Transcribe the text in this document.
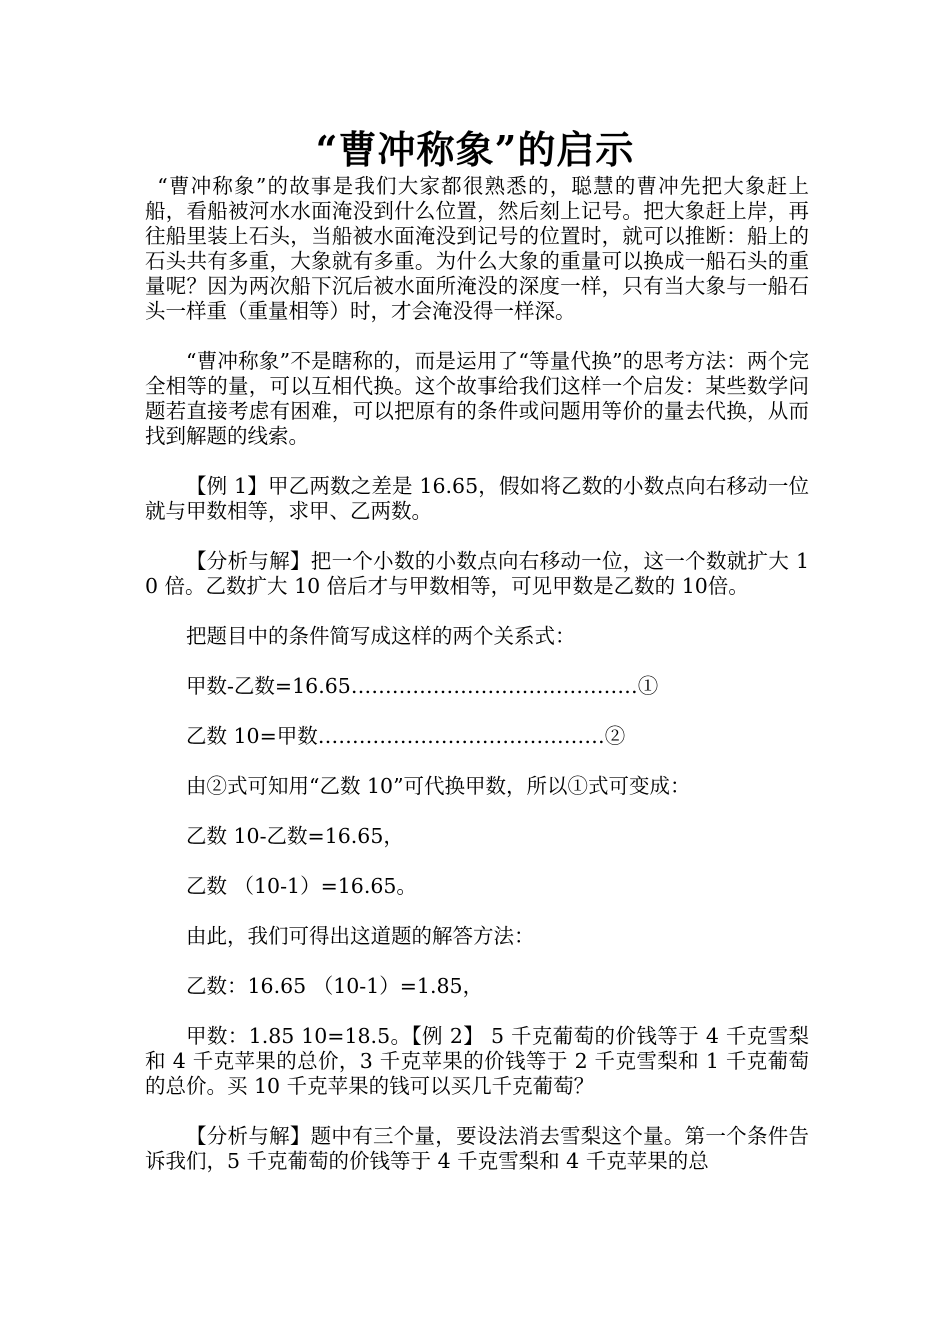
“曹冲称象”的启示

“曹冲称象”的故事是我们大家都很熟悉的，聪慧的曹冲先把大象赶上船，看船被河水水面淹没到什么位置，然后刻上记号。把大象赶上岸，再往船里装上石头，当船被水面淹没到记号的位置时，就可以推断：船上的石头共有多重，大象就有多重。为什么大象的重量可以换成一船石头的重量呢？因为两次船下沉后被水面所淹没的深度一样，只有当大象与一船石头一样重（重量相等）时，才会淹没得一样深。

“曹冲称象”不是瞎称的，而是运用了“等量代换”的思考方法：两个完全相等的量，可以互相代换。这个故事给我们这样一个启发：某些数学问题若直接考虑有困难，可以把原有的条件或问题用等价的量去代换，从而找到解题的线索。

【例 1】甲乙两数之差是 16.65，假如将乙数的小数点向右移动一位就与甲数相等，求甲、乙两数。

【分析与解】把一个小数的小数点向右移动一位，这一个数就扩大 10 倍。乙数扩大 10 倍后才与甲数相等，可见甲数是乙数的 10倍。

把题目中的条件简写成这样的两个关系式：

甲数-乙数=16.65……………………………………①

乙数 10=甲数……………………………………②

由②式可知用“乙数 10”可代换甲数，所以①式可变成：

乙数 10-乙数=16.65，

乙数 （10-1）=16.65。

由此，我们可得出这道题的解答方法：

乙数：16.65 （10-1）=1.85，

甲数：1.85 10=18.5。【例 2】 5 千克葡萄的价钱等于 4 千克雪梨和 4 千克苹果的总价，3 千克苹果的价钱等于 2 千克雪梨和 1 千克葡萄的总价。买 10 千克苹果的钱可以买几千克葡萄？

【分析与解】题中有三个量，要设法消去雪梨这个量。第一个条件告诉我们，5 千克葡萄的价钱等于 4 千克雪梨和 4 千克苹果的总
